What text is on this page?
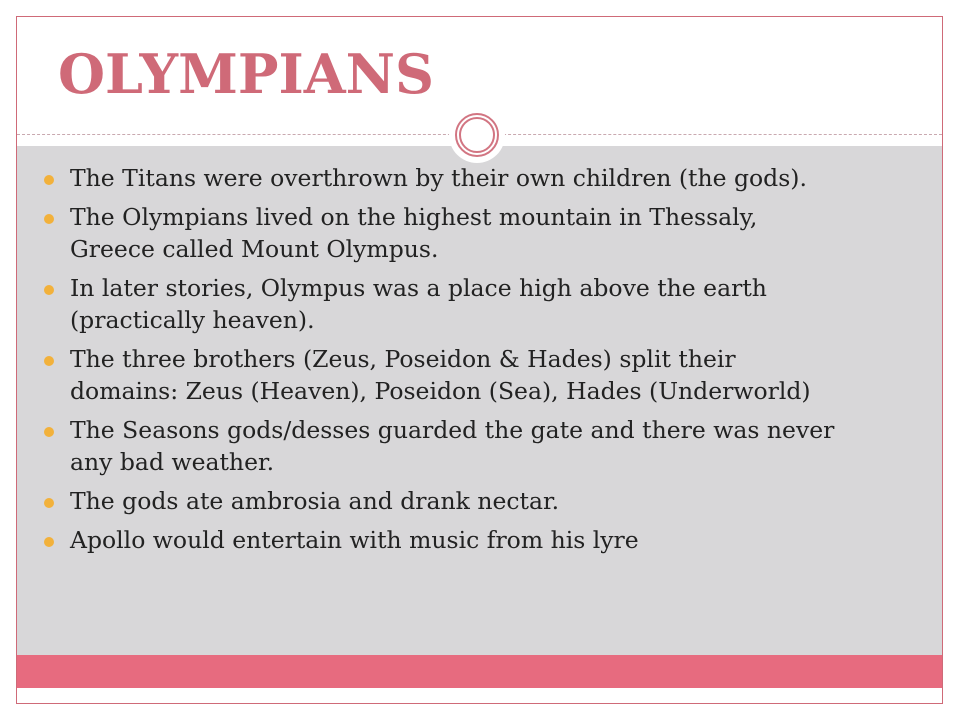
OLYMPIANS
The Titans were overthrown by their own children (the gods).
The Olympians lived on the highest mountain in Thessaly,
Greece called Mount Olympus.
In later stories, Olympus was a place high above the earth
(practically heaven).
The three brothers (Zeus, Poseidon & Hades) split their
domains: Zeus (Heaven), Poseidon (Sea), Hades (Underworld)
The Seasons gods/desses guarded the gate and there was never
any bad weather.
The gods ate ambrosia and drank nectar.
Apollo would entertain with music from his lyre
